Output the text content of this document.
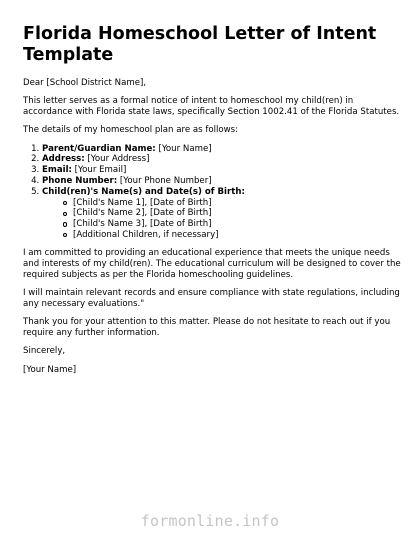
Florida Homeschool Letter of Intent Template

Dear [School District Name],

This letter serves as a formal notice of intent to homeschool my child(ren) in accordance with Florida state laws, specifically Section 1002.41 of the Florida Statutes.

The details of my homeschool plan are as follows:

1. Parent/Guardian Name: [Your Name]
2. Address: [Your Address]
3. Email: [Your Email]
4. Phone Number: [Your Phone Number]
5. Child(ren)'s Name(s) and Date(s) of Birth:
[Child's Name 1], [Date of Birth]
[Child's Name 2], [Date of Birth]
[Child's Name 3], [Date of Birth]
[Additional Children, if necessary]

I am committed to providing an educational experience that meets the unique needs and interests of my child(ren). The educational curriculum will be designed to cover the required subjects as per the Florida homeschooling guidelines.

I will maintain relevant records and ensure compliance with state regulations, including any necessary evaluations."

Thank you for your attention to this matter. Please do not hesitate to reach out if you require any further information.

Sincerely,

[Your Name]

formonline.info
